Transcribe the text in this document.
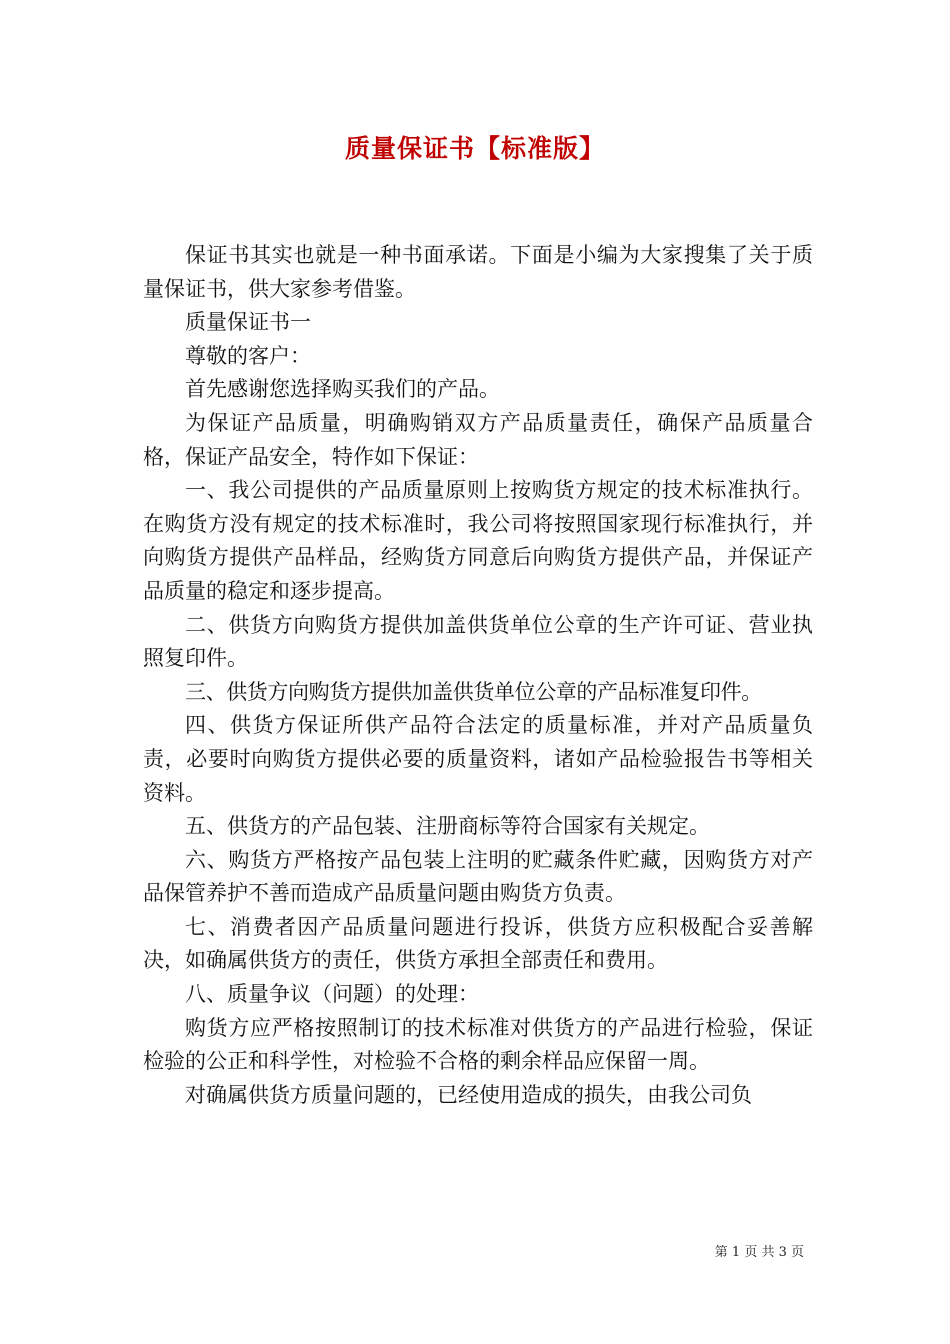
质量保证书【标准版】

保证书其实也就是一种书面承诺。下面是小编为大家搜集了关于质量保证书，供大家参考借鉴。

质量保证书一

尊敬的客户：

首先感谢您选择购买我们的产品。

为保证产品质量，明确购销双方产品质量责任，确保产品质量合格，保证产品安全，特作如下保证：

一、我公司提供的产品质量原则上按购货方规定的技术标准执行。在购货方没有规定的技术标准时，我公司将按照国家现行标准执行，并向购货方提供产品样品，经购货方同意后向购货方提供产品，并保证产品质量的稳定和逐步提高。

二、供货方向购货方提供加盖供货单位公章的生产许可证、营业执照复印件。

三、供货方向购货方提供加盖供货单位公章的产品标准复印件。

四、供货方保证所供产品符合法定的质量标准，并对产品质量负责，必要时向购货方提供必要的质量资料，诸如产品检验报告书等相关资料。

五、供货方的产品包装、注册商标等符合国家有关规定。

六、购货方严格按产品包装上注明的贮藏条件贮藏，因购货方对产品保管养护不善而造成产品质量问题由购货方负责。

七、消费者因产品质量问题进行投诉，供货方应积极配合妥善解决，如确属供货方的责任，供货方承担全部责任和费用。

八、质量争议（问题）的处理：

购货方应严格按照制订的技术标准对供货方的产品进行检验，保证检验的公正和科学性，对检验不合格的剩余样品应保留一周。

对确属供货方质量问题的，已经使用造成的损失，由我公司负

第 1 页 共 3 页
